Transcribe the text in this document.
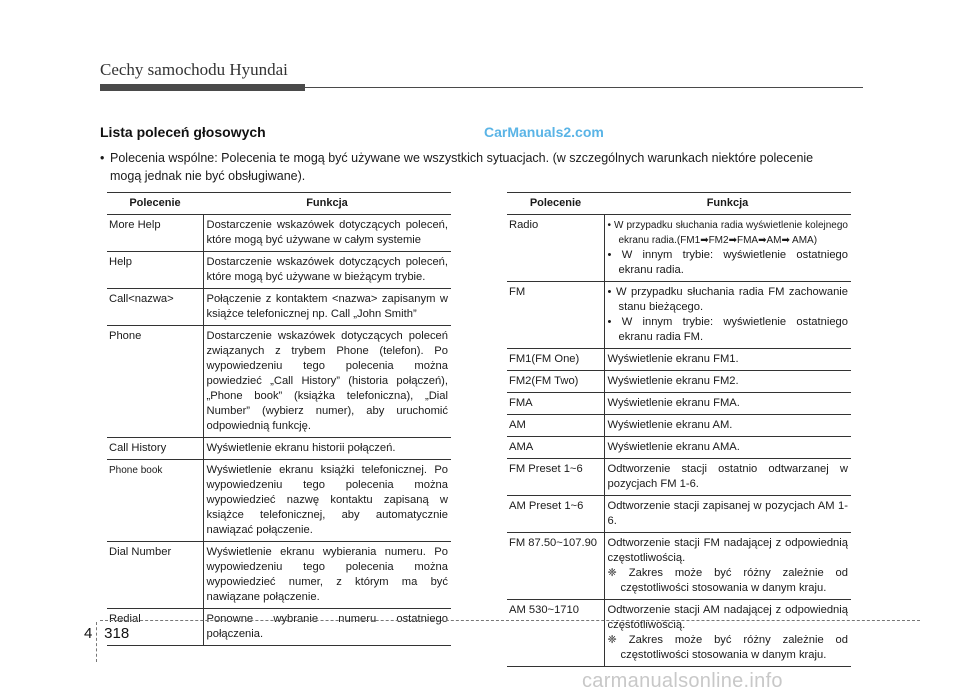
Cechy samochodu Hyundai
Lista poleceń głosowych	CarManuals2.com
• Polecenia wspólne: Polecenia te mogą być używane we wszystkich sytuacjach. (w szczególnych warunkach niektóre polecenie
mogą jednak nie być obsługiwane).
Polecenie	Funkcja
More Help	Dostarczenie wskazówek dotyczących poleceń, które mogą być używane w całym systemie
Help	Dostarczenie wskazówek dotyczących poleceń, które mogą być używane w bieżącym trybie.
Call<nazwa>	Połączenie z kontaktem <nazwa> zapisanym w książce telefonicznej np. Call „John Smith”
Phone	Dostarczenie wskazówek dotyczących poleceń związanych z trybem Phone (telefon). Po wypowiedzeniu tego polecenia można powiedzieć „Call History” (historia połączeń), „Phone book” (książka telefoniczna), „Dial Number” (wybierz numer), aby uruchomić odpowiednią funkcję.
Call History	Wyświetlenie ekranu historii połączeń.
Phone book	Wyświetlenie ekranu książki telefonicznej. Po wypowiedzeniu tego polecenia można wypowiedzieć nazwę kontaktu zapisaną w książce telefonicznej, aby automatycznie nawiązać połączenie.
Dial Number	Wyświetlenie ekranu wybierania numeru. Po wypowiedzeniu tego polecenia można wypowiedzieć numer, z którym ma być nawiązane połączenie.
Redial	Ponowne wybranie numeru ostatniego połączenia.
Polecenie	Funkcja
Radio	• W przypadku słuchania radia wyświetlenie kolejnego ekranu radia.(FM1➡FM2➡FMA➡AM➡ AMA)
• W innym trybie: wyświetlenie ostatniego ekranu radia.

FM	• W przypadku słuchania radia FM zachowanie stanu bieżącego.
• W innym trybie: wyświetlenie ostatniego ekranu radia FM.

FM1(FM One)	Wyświetlenie ekranu FM1.
FM2(FM Two)	Wyświetlenie ekranu FM2.
FMA	Wyświetlenie ekranu FMA.
AM	Wyświetlenie ekranu AM.
AMA	Wyświetlenie ekranu AMA.
FM Preset 1~6	Odtworzenie stacji ostatnio odtwarzanej w pozycjach FM 1-6.
AM Preset 1~6	Odtworzenie stacji zapisanej w pozycjach AM 1-6.
FM 87.50~107.90	Odtworzenie stacji FM nadającej z odpowiednią częstotliwością.
❈ Zakres może być różny zależnie od częstotliwości stosowania w danym kraju.

AM 530~1710	Odtworzenie stacji AM nadającej z odpowiednią częstotliwością.
❈ Zakres może być różny zależnie od częstotliwości stosowania w danym kraju.
4 318
carmanualsonline.info
